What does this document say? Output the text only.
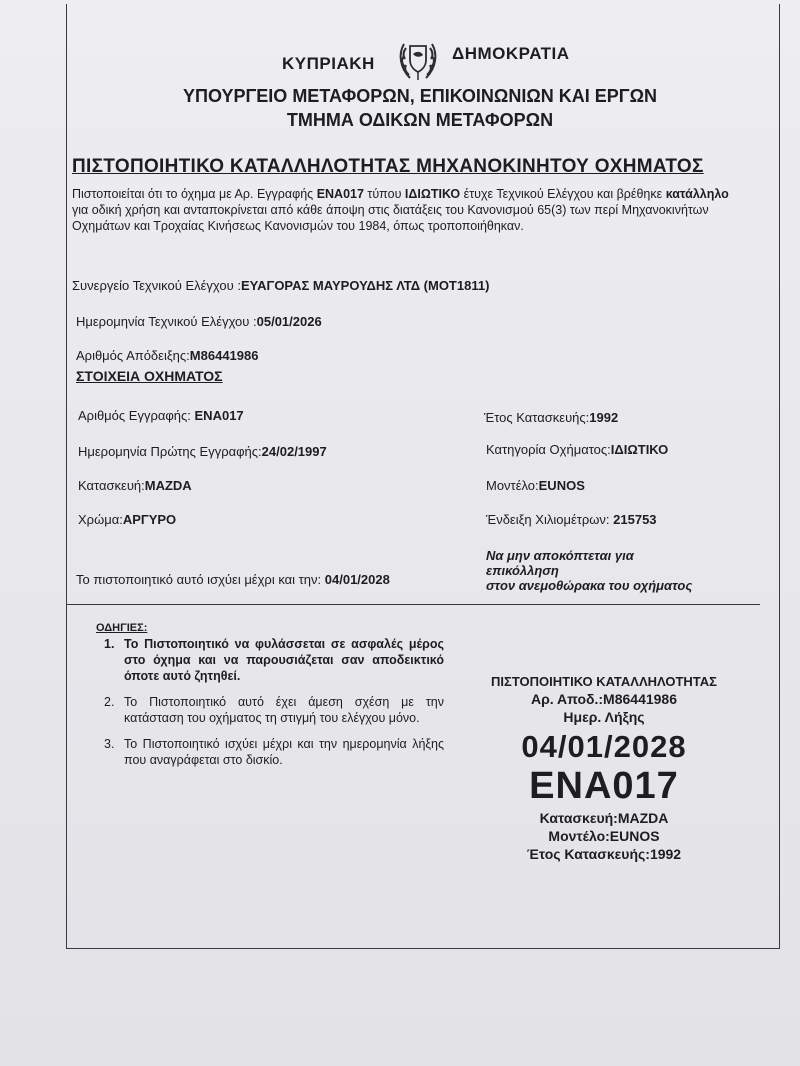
ΚΥΠΡΙΑΚΗ
ΔΗΜΟΚΡΑΤΙΑ
ΥΠΟΥΡΓΕΙΟ ΜΕΤΑΦΟΡΩΝ, ΕΠΙΚΟΙΝΩΝΙΩΝ ΚΑΙ ΕΡΓΩΝ
ΤΜΗΜΑ ΟΔΙΚΩΝ ΜΕΤΑΦΟΡΩΝ
ΠΙΣΤΟΠΟΙΗΤΙΚΟ ΚΑΤΑΛΛΗΛΟΤΗΤΑΣ ΜΗΧΑΝΟΚΙΝΗΤΟΥ ΟΧΗΜΑΤΟΣ
Πιστοποιείται ότι το όχημα με Αρ. Εγγραφής ENA017 τύπου ΙΔΙΩΤΙΚΟ έτυχε Τεχνικού Ελέγχου και βρέθηκε κατάλληλο για οδική χρήση και ανταποκρίνεται από κάθε άποψη στις διατάξεις του Κανονισμού 65(3) των περί Μηχανοκινήτων Οχημάτων και Τροχαίας Κινήσεως Κανονισμών του 1984, όπως τροποποιήθηκαν.
Συνεργείο Τεχνικού Ελέγχου :ΕΥΑΓΟΡΑΣ ΜΑΥΡΟΥΔΗΣ ΛΤΔ (MOT1811)
Ημερομηνία Τεχνικού Ελέγχου :05/01/2026
Αριθμός Απόδειξης:M86441986
ΣΤΟΙΧΕΙΑ ΟΧΗΜΑΤΟΣ
Αριθμός Εγγραφής: ENA017
Ημερομηνία Πρώτης Εγγραφής:24/02/1997
Κατασκευή:MAZDA
Χρώμα:ΑΡΓΥΡΟ
Έτος Κατασκευής:1992
Κατηγορία Οχήματος:ΙΔΙΩΤΙΚΟ
Μοντέλο:EUNOS
Ένδειξη Χιλιομέτρων: 215753
Το πιστοποιητικό αυτό ισχύει μέχρι και την: 04/01/2028
Να μην αποκόπτεται για
επικόλληση
στον ανεμοθώρακα του οχήματος
ΟΔΗΓΙΕΣ:
1. Το Πιστοποιητικό να φυλάσσεται σε ασφαλές μέρος στο όχημα και να παρουσιάζεται σαν αποδεικτικό όποτε αυτό ζητηθεί.
2. Το Πιστοποιητικό αυτό έχει άμεση σχέση με την κατάσταση του οχήματος τη στιγμή του ελέγχου μόνο.
3. Το Πιστοποιητικό ισχύει μέχρι και την ημερομηνία λήξης που αναγράφεται στο δισκίο.
ΠΙΣΤΟΠΟΙΗΤΙΚΟ ΚΑΤΑΛΛΗΛΟΤΗΤΑΣ
Αρ. Αποδ.:M86441986
Ημερ. Λήξης
04/01/2028
ENA017
Κατασκευή:MAZDA
Μοντέλο:EUNOS
Έτος Κατασκευής:1992
